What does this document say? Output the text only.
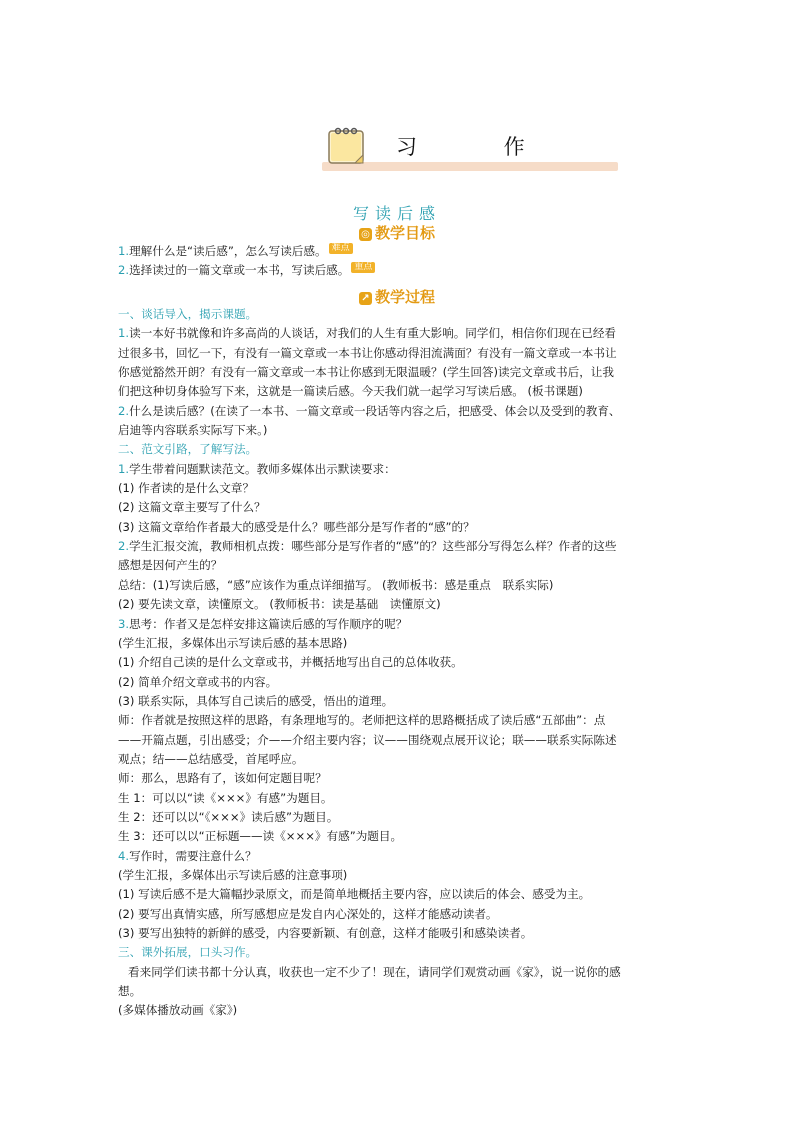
习 作
写读后感
◎ 教学目标
1.理解什么是“读后感”，怎么写读后感。 难点
2.选择读过的一篇文章或一本书，写读后感。 重点
↗ 教学过程
一、谈话导入，揭示课题。
1.读一本好书就像和许多高尚的人谈话，对我们的人生有重大影响。同学们，相信你们现在已经看
过很多书，回忆一下，有没有一篇文章或一本书让你感动得泪流满面？有没有一篇文章或一本书让
你感觉豁然开朗？有没有一篇文章或一本书让你感到无限温暖？(学生回答)读完文章或书后，让我
们把这种切身体验写下来，这就是一篇读后感。今天我们就一起学习写读后感。 (板书课题)
2.什么是读后感？(在读了一本书、一篇文章或一段话等内容之后，把感受、体会以及受到的教育、
启迪等内容联系实际写下来。)
二、范文引路，了解写法。
1.学生带着问题默读范文。教师多媒体出示默读要求：
(1) 作者读的是什么文章？
(2) 这篇文章主要写了什么？
(3) 这篇文章给作者最大的感受是什么？哪些部分是写作者的“感”的？
2.学生汇报交流，教师相机点拨：哪些部分是写作者的“感”的？这些部分写得怎么样？作者的这些
感想是因何产生的？
总结：(1)写读后感，“感”应该作为重点详细描写。 (教师板书：感是重点　联系实际)
(2) 要先读文章，读懂原文。 (教师板书：读是基础　读懂原文)
3.思考：作者又是怎样安排这篇读后感的写作顺序的呢？
(学生汇报，多媒体出示写读后感的基本思路)
(1) 介绍自己读的是什么文章或书，并概括地写出自己的总体收获。
(2) 简单介绍文章或书的内容。
(3) 联系实际，具体写自己读后的感受，悟出的道理。
师：作者就是按照这样的思路，有条理地写的。老师把这样的思路概括成了读后感“五部曲”：点
——开篇点题，引出感受；介——介绍主要内容；议——围绕观点展开议论；联——联系实际陈述
观点；结——总结感受，首尾呼应。
师：那么，思路有了，该如何定题目呢？
生 1：可以以“读《×××》有感”为题目。
生 2：还可以以“《×××》读后感”为题目。
生 3：还可以以“正标题——读《×××》有感”为题目。
4.写作时，需要注意什么？
(学生汇报，多媒体出示写读后感的注意事项)
(1) 写读后感不是大篇幅抄录原文，而是简单地概括主要内容，应以读后的体会、感受为主。
(2) 要写出真情实感，所写感想应是发自内心深处的，这样才能感动读者。
(3) 要写出独特的新鲜的感受，内容要新颖、有创意，这样才能吸引和感染读者。
三、课外拓展，口头习作。
看来同学们读书都十分认真，收获也一定不少了！现在，请同学们观赏动画《家》，说一说你的感
想。
(多媒体播放动画《家》)
